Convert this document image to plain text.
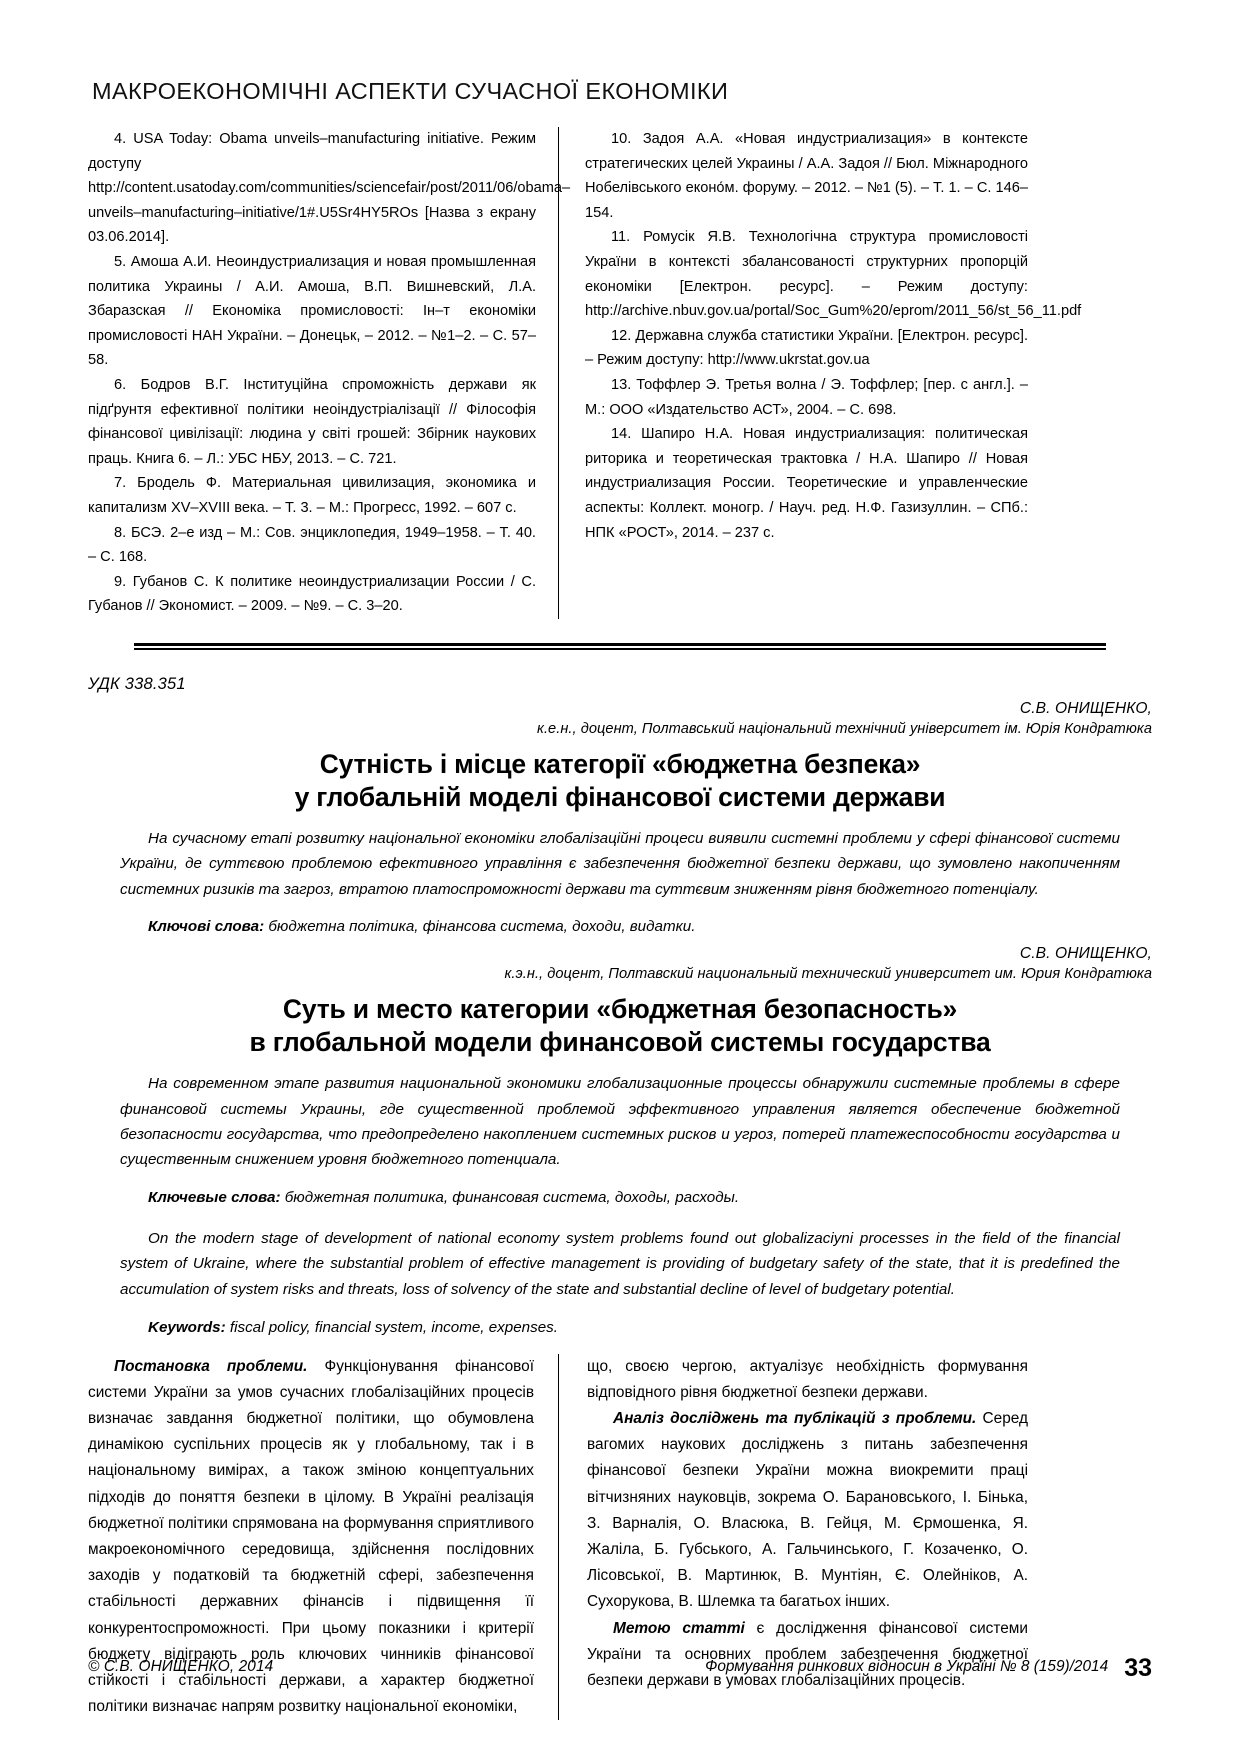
МАКРОЕКОНОМІЧНІ АСПЕКТИ СУЧАСНОЇ ЕКОНОМІКИ

4. USA Today: Obama unveils–manufacturing initiative. Режим доступу http://content.usatoday.com/communities/sciencefair/post/2011/06/obama–unveils–manufacturing–initiative/1#.U5Sr4HY5ROs [Назва з екрану 03.06.2014].

5. Амоша А.И. Неоиндустриализация и новая промышленная политика Украины / А.И. Амоша, В.П. Вишневский, Л.А. Збаразская // Економіка промисловості: Ін–т економіки промисловості НАН України. – Донецьк, – 2012. – №1–2. – С. 57–58.

6. Бодров В.Г. Інституційна спроможність держави як підґрунтя ефективної політики неоіндустріалізації // Філософія фінансової цивілізації: людина у світі грошей: Збірник наукових праць. Книга 6. – Л.: УБС НБУ, 2013. – С. 721.

7. Бродель Ф. Материальная цивилизация, экономика и капитализм XV–XVIII века. – Т. 3. – М.: Прогресс, 1992. – 607 с.

8. БСЭ. 2–е изд – М.: Сов. энциклопедия, 1949–1958. – Т. 40. – С. 168.

9. Губанов С. К политике неоиндустриализации России / С. Губанов // Экономист. – 2009. – №9. – С. 3–20.

10. Задоя А.А. «Новая индустриализация» в контексте стратегических целей Украины / А.А. Задоя // Бюл. Міжнародного Нобелівського еконо́м. форуму. – 2012. – №1 (5). – Т. 1. – С. 146–154.

11. Ромусік Я.В. Технологічна структура промисловості України в контексті збалансованості структурних пропорцій економіки [Електрон. ресурс]. – Режим доступу: http://archive.nbuv.gov.ua/portal/Soc_Gum%20/eprom/2011_56/st_56_11.pdf

12. Державна служба статистики України. [Електрон. ресурс]. – Режим доступу: http://www.ukrstat.gov.ua

13. Тоффлер Э. Третья волна / Э. Тоффлер; [пер. с англ.]. – М.: ООО «Издательство АСТ», 2004. – С. 698.

14. Шапиро Н.А. Новая индустриализация: политическая риторика и теоретическая трактовка / Н.А. Шапиро // Новая индустриализация России. Теоретические и управленческие аспекты: Коллект. моногр. / Науч. ред. Н.Ф. Газизуллин. – СПб.: НПК «РОСТ», 2014. – 237 с.

УДК 338.351
С.В. ОНИЩЕНКО,
к.е.н., доцент, Полтавський національний технічний університет ім. Юрія Кондратюка
Сутність і місце категорії «бюджетна безпека»
у глобальній моделі фінансової системи держави

На сучасному етапі розвитку національної економіки глобалізаційні процеси виявили системні проблеми у сфері фінансової системи України, де суттєвою проблемою ефективного управління є забезпечення бюджетної безпеки держави, що зумовлено накопиченням системних ризиків та загроз, втратою платоспроможності держави та суттєвим зниженням рівня бюджетного потенціалу.

Ключові слова: бюджетна політика, фінансова система, доходи, видатки.

С.В. ОНИЩЕНКО,
к.э.н., доцент, Полтавский национальный технический университет им. Юрия Кондратюка
Суть и место категории «бюджетная безопасность»
в глобальной модели финансовой системы государства

На современном этапе развития национальной экономики глобализационные процессы обнаружили системные проблемы в сфере финансовой системы Украины, где существенной проблемой эффективного управления является обеспечение бюджетной безопасности государства, что предопределено накоплением системных рисков и угроз, потерей платежеспособности государства и существенным снижением уровня бюджетного потенциала.

Ключевые слова: бюджетная политика, финансовая система, доходы, расходы.

On the modern stage of development of national economy system problems found out globalizaciyni processes in the field of the financial system of Ukraine, where the substantial problem of effective management is providing of budgetary safety of the state, that it is predefined the accumulation of system risks and threats, loss of solvency of the state and substantial decline of level of budgetary potential.

Keywords: fiscal policy, financial system, income, expenses.

Постановка проблеми. Функціонування фінансової системи України за умов сучасних глобалізаційних процесів визначає завдання бюджетної політики, що обумовлена динамікою суспільних процесів як у глобальному, так і в національному вимірах, а також зміною концептуальних підходів до поняття безпеки в цілому. В Україні реалізація бюджетної політики спрямована на формування сприятливого макроекономічного середовища, здійснення послідовних заходів у податковій та бюджетній сфері, забезпечення стабільності державних фінансів і підвищення її конкурентоспроможності. При цьому показники і критерії бюджету відіграють роль ключових чинників фінансової стійкості і стабільності держави, а характер бюджетної політики визначає напрям розвитку національної економіки,

що, своєю чергою, актуалізує необхідність формування відповідного рівня бюджетної безпеки держави.

Аналіз досліджень та публікацій з проблеми. Серед вагомих наукових досліджень з питань забезпечення фінансової безпеки України можна виокремити праці вітчизняних науковців, зокрема О. Барановського, І. Бінька, З. Варналія, О. Власюка, В. Гейця, М. Єрмошенка, Я. Жаліла, Б. Губського, А. Гальчинського, Г. Козаченко, О. Лісовської, В. Мартинюк, В. Мунтіян, Є. Олейніков, А. Сухорукова, В. Шлемка та багатьох інших.

Метою статті є дослідження фінансової системи України та основних проблем забезпечення бюджетної безпеки держави в умовах глобалізаційних процесів.

© С.В. ОНИЩЕНКО, 2014	Формування ринкових відносин в Україні № 8 (159)/2014 33
